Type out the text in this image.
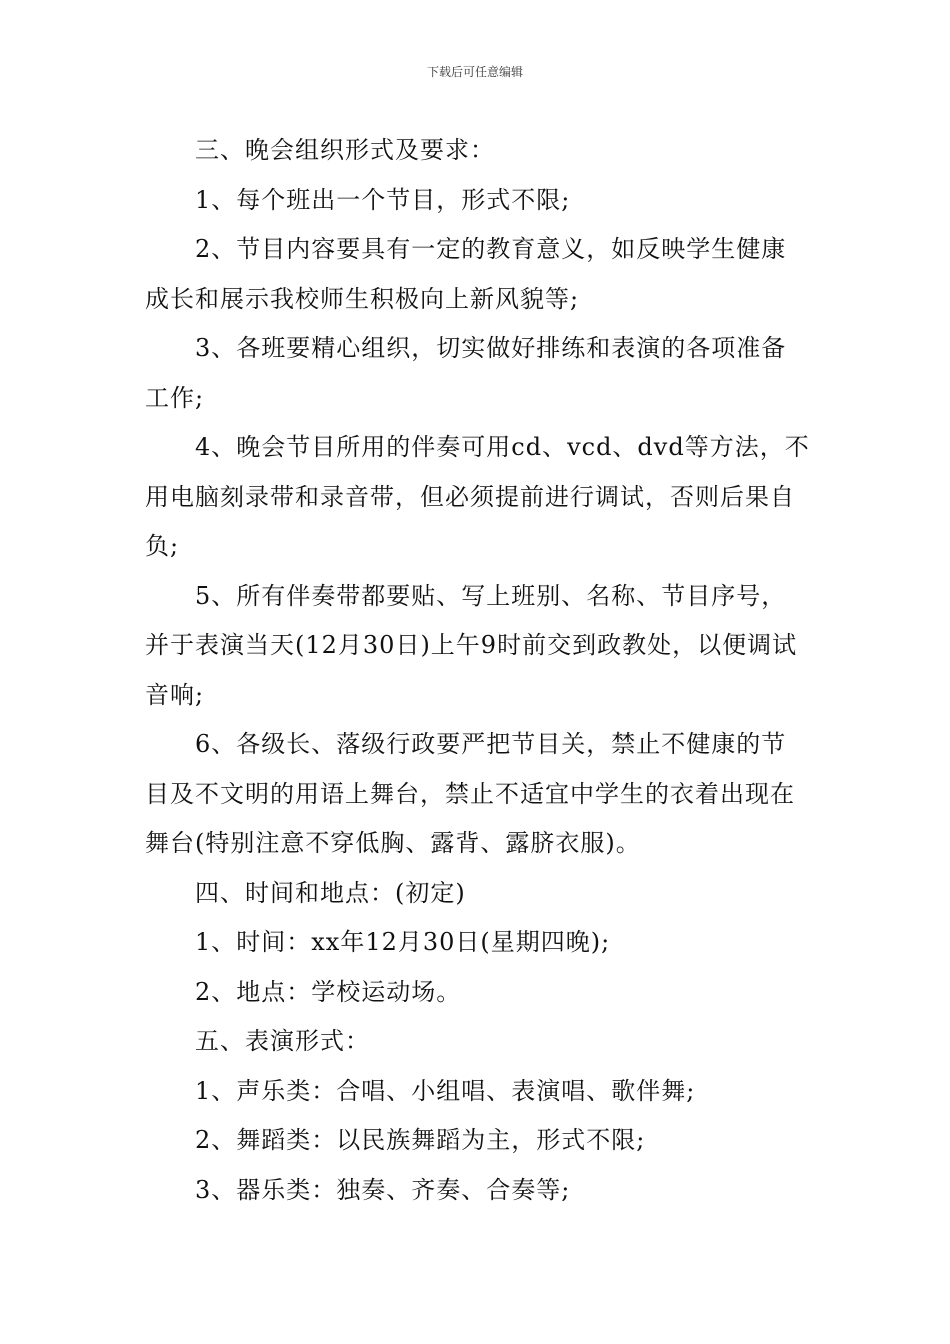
下载后可任意编辑

三、晚会组织形式及要求：

1、每个班出一个节目，形式不限;

2、节目内容要具有一定的教育意义，如反映学生健康成长和展示我校师生积极向上新风貌等;

3、各班要精心组织，切实做好排练和表演的各项准备工作;

4、晚会节目所用的伴奏可用cd、vcd、dvd等方法，不用电脑刻录带和录音带，但必须提前进行调试，否则后果自负;

5、所有伴奏带都要贴、写上班别、名称、节目序号，并于表演当天(12月30日)上午9时前交到政教处，以便调试音响;

6、各级长、落级行政要严把节目关，禁止不健康的节目及不文明的用语上舞台，禁止不适宜中学生的衣着出现在舞台(特别注意不穿低胸、露背、露脐衣服)。

四、时间和地点：(初定)

1、时间：xx年12月30日(星期四晚);

2、地点：学校运动场。

五、表演形式：

1、声乐类：合唱、小组唱、表演唱、歌伴舞;

2、舞蹈类：以民族舞蹈为主，形式不限;

3、器乐类：独奏、齐奏、合奏等;
